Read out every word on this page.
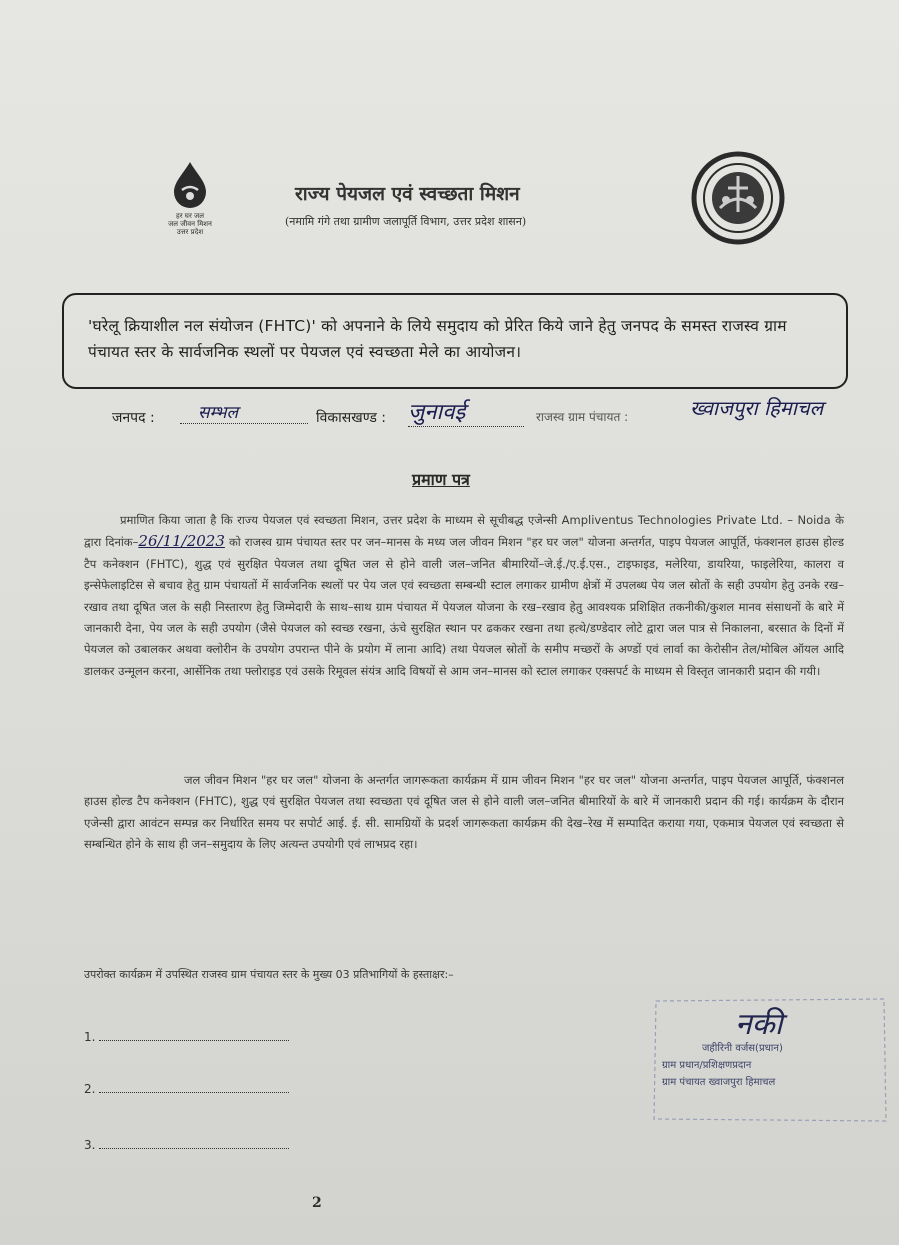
हर घर जल
जल जीवन मिशन
उत्तर प्रदेश
राज्य पेयजल एवं स्वच्छता मिशन
(नमामि गंगे तथा ग्रामीण जलापूर्ति विभाग, उत्तर प्रदेश शासन)
'घरेलू क्रियाशील नल संयोजन (FHTC)' को अपनाने के लिये समुदाय को प्रेरित किये जाने हेतु जनपद के समस्त राजस्व ग्राम पंचायत स्तर के सार्वजनिक स्थलों पर पेयजल एवं स्वच्छता मेले का आयोजन।
जनपद :	सम्भल	विकासखण्ड : जुनावई	राजस्व ग्राम पंचायत :	ख्वाजपुरा हिमाचल
प्रमाण पत्र
प्रमाणित किया जाता है कि राज्य पेयजल एवं स्वच्छता मिशन, उत्तर प्रदेश के माध्यम से सूचीबद्ध एजेन्सी Ampliventus Technologies Private Ltd. – Noida के द्वारा दिनांक–26/11/2023 को राजस्व ग्राम पंचायत स्तर पर जन–मानस के मध्य जल जीवन मिशन "हर घर जल" योजना अन्तर्गत, पाइप पेयजल आपूर्ति, फंक्शनल हाउस होल्ड टैप कनेक्शन (FHTC), शुद्ध एवं सुरक्षित पेयजल तथा दूषित जल से होने वाली जल–जनित बीमारियों–जे.ई./ए.ई.एस., टाइफाइड, मलेरिया, डायरिया, फाइलेरिया, कालरा व इन्सेफेलाइटिस से बचाव हेतु ग्राम पंचायतों में सार्वजनिक स्थलों पर पेय जल एवं स्वच्छता सम्बन्धी स्टाल लगाकर ग्रामीण क्षेत्रों में उपलब्ध पेय जल स्रोतों के सही उपयोग हेतु उनके रख–रखाव तथा दूषित जल के सही निस्तारण हेतु जिम्मेदारी के साथ–साथ ग्राम पंचायत में पेयजल योजना के रख–रखाव हेतु आवश्यक प्रशिक्षित तकनीकी/कुशल मानव संसाधनों के बारे में जानकारी देना, पेय जल के सही उपयोग (जैसे पेयजल को स्वच्छ रखना, ऊंचे सुरक्षित स्थान पर ढककर रखना तथा हत्थे/डण्डेदार लोटे द्वारा जल पात्र से निकालना, बरसात के दिनों में पेयजल को उबालकर अथवा क्लोरीन के उपयोग उपरान्त पीने के प्रयोग में लाना आदि) तथा पेयजल स्रोतों के समीप मच्छरों के अण्डों एवं लार्वा का केरोसीन तेल/मोबिल ऑयल आदि डालकर उन्मूलन करना, आर्सेनिक तथा फ्लोराइड एवं उसके रिमूवल संयंत्र आदि विषयों से आम जन–मानस को स्टाल लगाकर एक्सपर्ट के माध्यम से विस्तृत जानकारी प्रदान की गयी।
जल जीवन मिशन "हर घर जल" योजना के अन्तर्गत जागरूकता कार्यक्रम में ग्राम जीवन मिशन "हर घर जल" योजना अन्तर्गत, पाइप पेयजल आपूर्ति, फंक्शनल हाउस होल्ड टैप कनेक्शन (FHTC), शुद्ध एवं सुरक्षित पेयजल तथा स्वच्छता एवं दूषित जल से होने वाली जल–जनित बीमारियों के बारे में जानकारी प्रदान की गई। कार्यक्रम के दौरान एजेन्सी द्वारा आवंटन सम्पन्न कर निर्धारित समय पर सपोर्ट आई. ई. सी. सामग्रियों के प्रदर्श जागरूकता कार्यक्रम की देख–रेख में सम्पादित कराया गया, एकमात्र पेयजल एवं स्वच्छता से सम्बन्धित होने के साथ ही जन–समुदाय के लिए अत्यन्त उपयोगी एवं लाभप्रद रहा।
उपरोक्त कार्यक्रम में उपस्थित राजस्व ग्राम पंचायत स्तर के मुख्य 03 प्रतिभागियों के हस्ताक्षर:–
1.
2.
3.
नकी
जहीरिनी वर्जस(प्रधान)
ग्राम प्रधान/प्रशिक्षणप्रदान
ग्राम पंचायत ख्वाजपुरा हिमाचल
2
